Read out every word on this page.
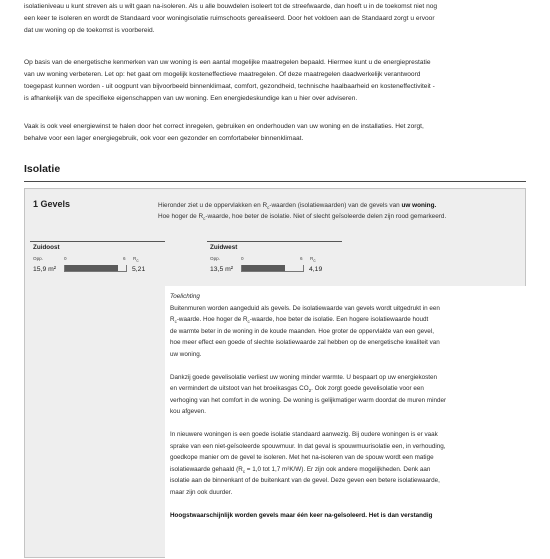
isolatieniveau u kunt streven als u wilt gaan na-isoleren. Als u alle bouwdelen isoleert tot de streefwaarde, dan hoeft u in de toekomst niet nog

een keer te isoleren en wordt de Standaard voor woningisolatie ruimschoots gerealiseerd. Door het voldoen aan de Standaard zorgt u ervoor

dat uw woning op de toekomst is voorbereid.

Op basis van de energetische kenmerken van uw woning is een aantal mogelijke maatregelen bepaald. Hiermee kunt u de energieprestatie

van uw woning verbeteren. Let op: het gaat om mogelijk kosteneffectieve maatregelen. Of deze maatregelen daadwerkelijk verantwoord

toegepast kunnen worden - uit oogpunt van bijvoorbeeld binnenklimaat, comfort, gezondheid, technische haalbaarheid en kosteneffectiviteit -

is afhankelijk van de specifieke eigenschappen van uw woning. Een energiedeskundige kan u hier over adviseren.

Vaak is ook veel energiewinst te halen door het correct inregelen, gebruiken en onderhouden van uw woning en de installaties. Het zorgt,

behalve voor een lager energiegebruik, ook voor een gezonder en comfortabeler binnenklimaat.

Isolatie
1 Gevels	Hieronder ziet u de oppervlakken en $R_c$-waarden (isolatiewaarden) van de gevels van uw woning.

Hoe hoger de $R_c$-waarde, hoe beter de isolatie. Niet of slecht geïsoleerde delen zijn rood gemarkeerd.

Zuidoost
Opp.	0	6 Rc
15,9 m²	5,21
Zuidwest
Opp.	0	6 Rc
13,5 m²	4,19

Toelichting

Buitenmuren worden aangeduid als gevels. De isolatiewaarde van gevels wordt uitgedrukt in een
$R_c$-waarde. Hoe hoger de $R_c$-waarde, hoe beter de isolatie. Een hogere isolatiewaarde houdt
de warmte beter in de woning in de koude maanden. Hoe groter de oppervlakte van een gevel,
hoe meer effect een goede of slechte isolatiewaarde zal hebben op de energetische kwaliteit van
uw woning.

Dankzij goede gevelisolatie verliest uw woning minder warmte. U bespaart op uw energiekosten
en vermindert de uitstoot van het broeikasgas $CO_2$. Ook zorgt goede gevelisolatie voor een
verhoging van het comfort in de woning. De woning is gelijkmatiger warm doordat de muren minder
kou afgeven.

In nieuwere woningen is een goede isolatie standaard aanwezig. Bij oudere woningen is er vaak
sprake van een niet-geïsoleerde spouwmuur. In dat geval is spouwmuurisolatie een, in verhouding,
goedkope manier om de gevel te isoleren. Met het na-isoleren van de spouw wordt een matige
isolatiewaarde gehaald ($R_c = 1,0$ tot 1,7 m²K/W). Er zijn ook andere mogelijkheden. Denk aan
isolatie aan de binnenkant of de buitenkant van de gevel. Deze geven een betere isolatiewaarde,
maar zijn ook duurder.

Hoogstwaarschijnlijk worden gevels maar één keer na-geïsoleerd. Het is dan verstandig
